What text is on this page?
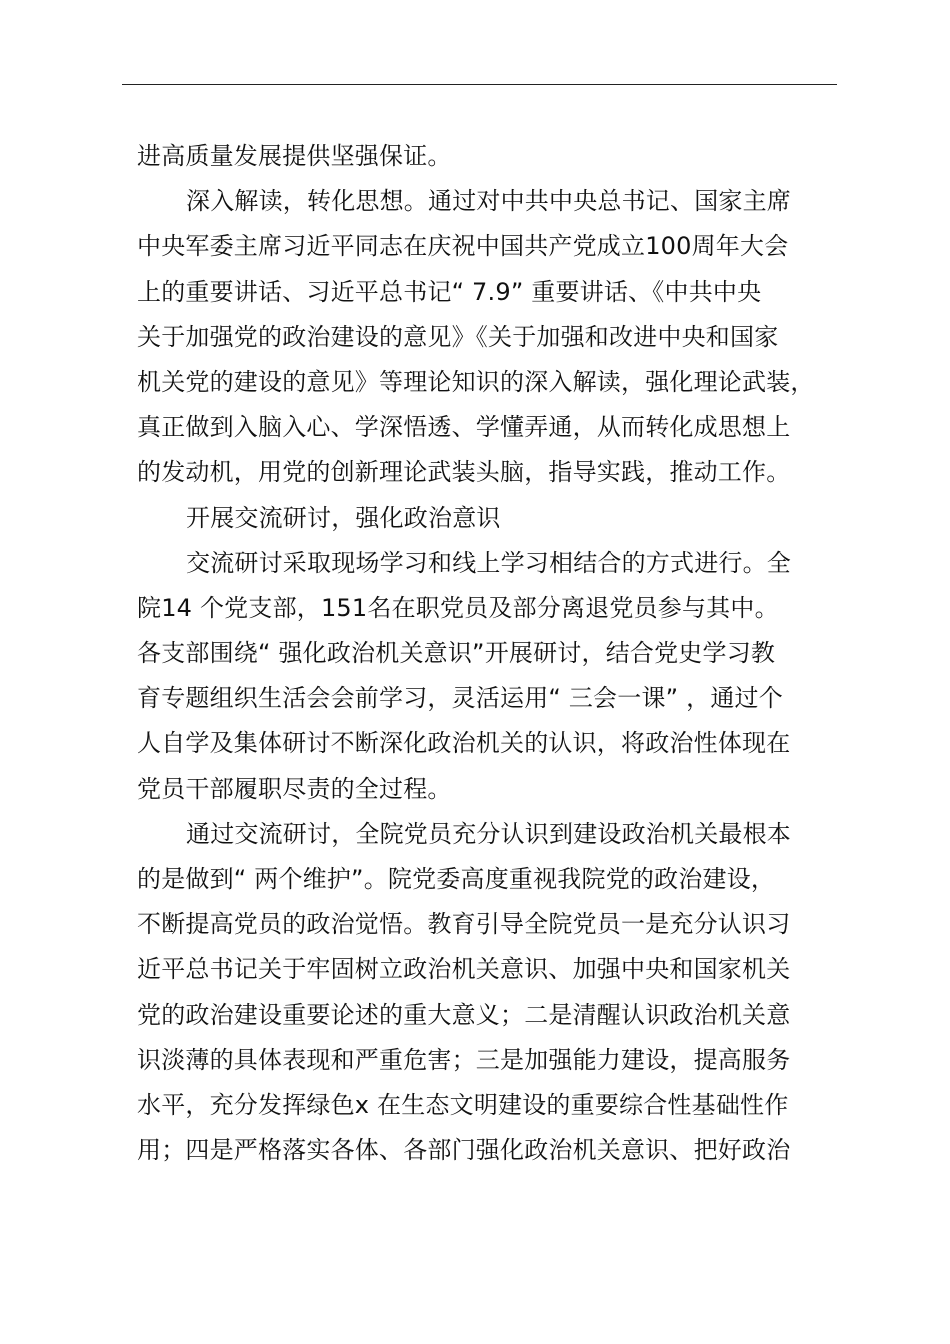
进高质量发展提供坚强保证。
深入解读，转化思想。通过对中共中央总书记、国家主席
中央军委主席习近平同志在庆祝中国共产党成立100周年大会
上的重要讲话、习近平总书记“ 7.9” 重要讲话、《中共中央
关于加强党的政治建设的意见》《关于加强和改进中央和国家
机关党的建设的意见》等理论知识的深入解读，强化理论武装，
真正做到入脑入心、学深悟透、学懂弄通，从而转化成思想上
的发动机，用党的创新理论武装头脑，指导实践，推动工作。
开展交流研讨，强化政治意识
交流研讨采取现场学习和线上学习相结合的方式进行。全
院14 个党支部，151名在职党员及部分离退党员参与其中。
各支部围绕“ 强化政治机关意识”开展研讨，结合党史学习教
育专题组织生活会会前学习，灵活运用“ 三会一课” ，通过个
人自学及集体研讨不断深化政治机关的认识，将政治性体现在
党员干部履职尽责的全过程。
通过交流研讨，全院党员充分认识到建设政治机关最根本
的是做到“ 两个维护”。院党委高度重视我院党的政治建设，
不断提高党员的政治觉悟。教育引导全院党员一是充分认识习
近平总书记关于牢固树立政治机关意识、加强中央和国家机关
党的政治建设重要论述的重大意义；二是清醒认识政治机关意
识淡薄的具体表现和严重危害；三是加强能力建设，提高服务
水平，充分发挥绿色x 在生态文明建设的重要综合性基础性作
用；四是严格落实各体、各部门强化政治机关意识、把好政治
